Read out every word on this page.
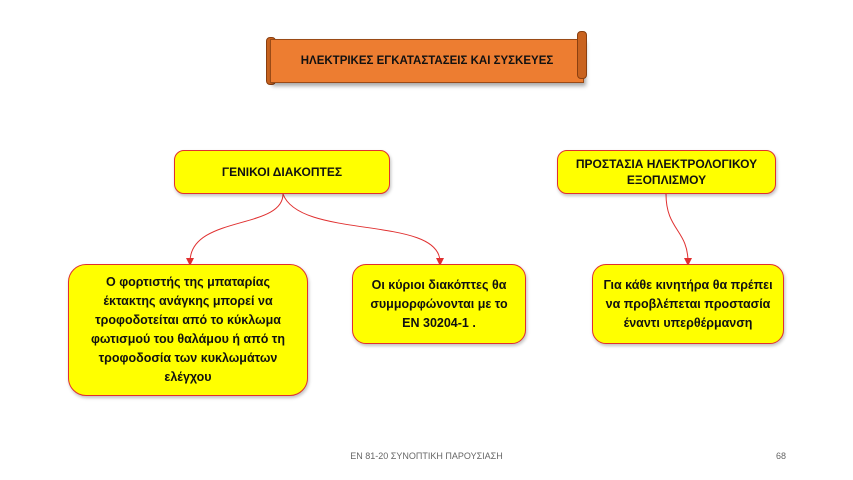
ΗΛΕΚΤΡΙΚΕΣ ΕΓΚΑΤΑΣΤΑΣΕΙΣ ΚΑΙ ΣΥΣΚΕΥΕΣ
ΓΕΝΙΚΟΙ ΔΙΑΚΟΠΤΕΣ
ΠΡΟΣΤΑΣΙΑ ΗΛΕΚΤΡΟΛΟΓΙΚΟΥ ΕΞΟΠΛΙΣΜΟΥ
Ο φορτιστής της μπαταρίας έκτακτης ανάγκης μπορεί να τροφοδοτείται από το κύκλωμα φωτισμού του θαλάμου ή από τη τροφοδοσία των κυκλωμάτων ελέγχου
Οι κύριοι διακόπτες θα συμμορφώνονται με το ΕΝ 30204-1 .
Για κάθε κινητήρα θα πρέπει να προβλέπεται προστασία έναντι υπερθέρμανση
ΕΝ 81-20 ΣΥΝΟΠΤΙΚΗ ΠΑΡΟΥΣΙΑΣΗ	68
